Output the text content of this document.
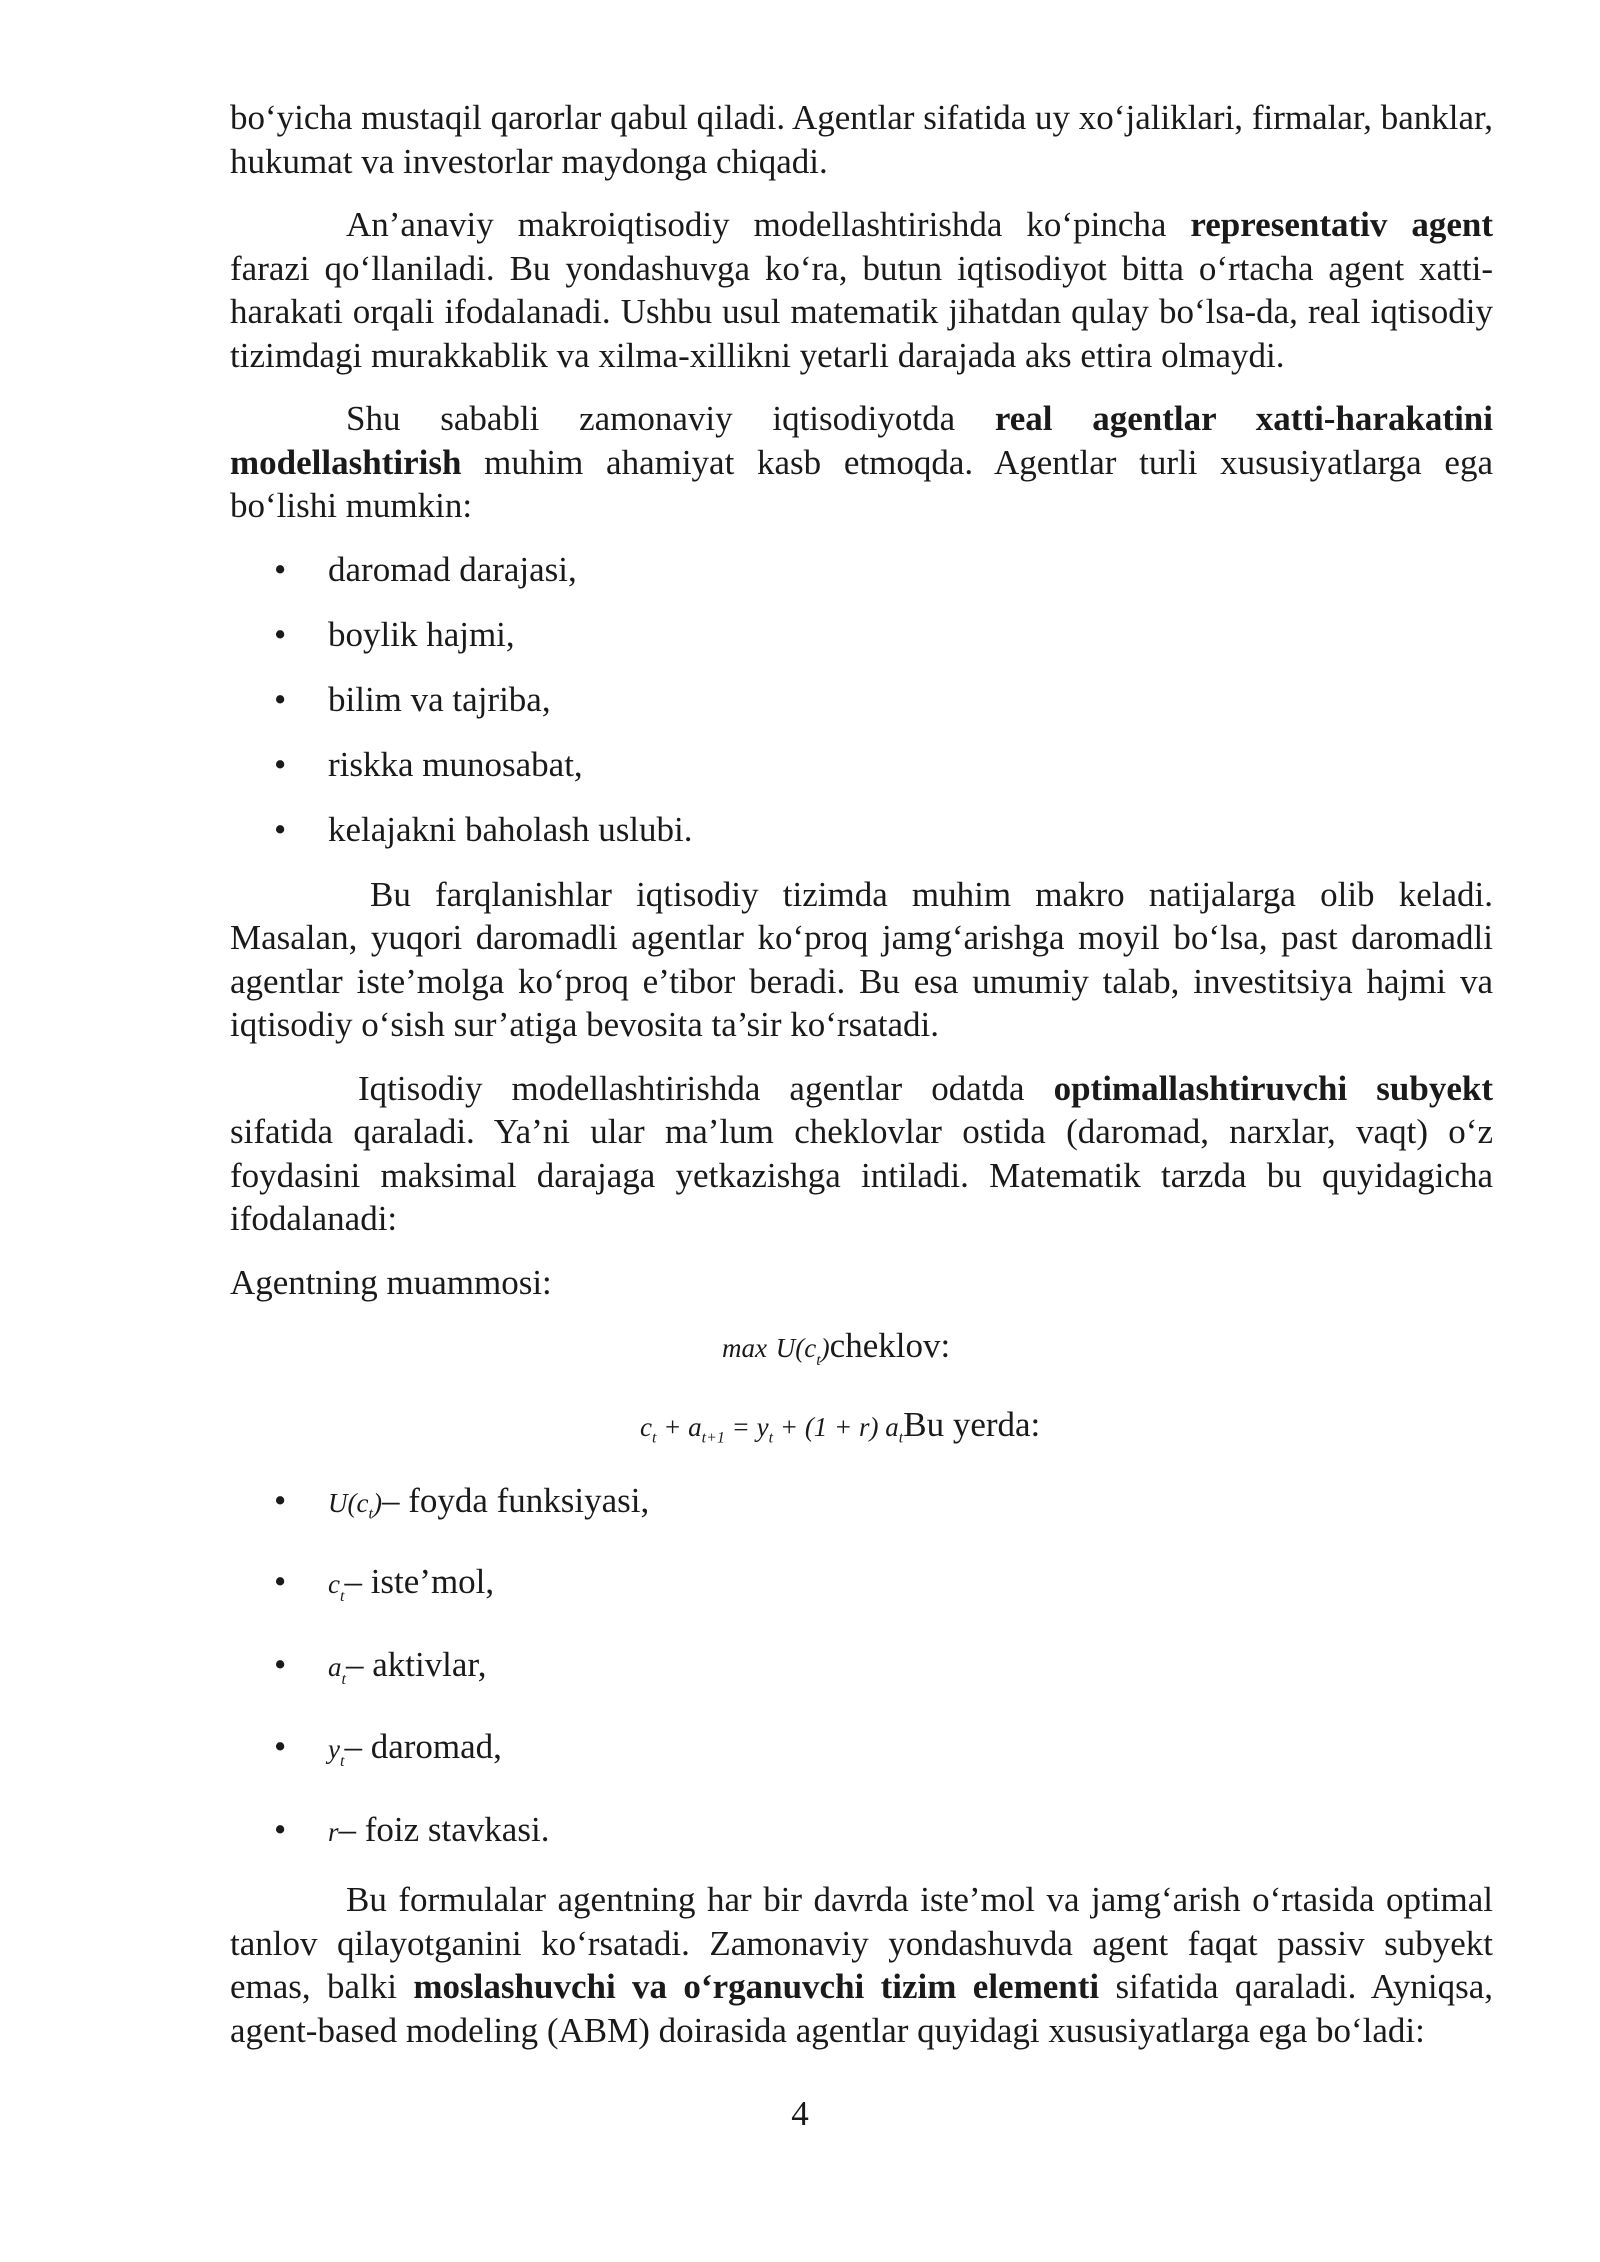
bo‘yicha mustaqil qarorlar qabul qiladi. Agentlar sifatida uy xo‘jaliklari, firmalar, banklar, hukumat va investorlar maydonga chiqadi.

An’anaviy makroiqtisodiy modellashtirishda ko‘pincha representativ agent farazi qo‘llaniladi. Bu yondashuvga ko‘ra, butun iqtisodiyot bitta o‘rtacha agent xatti-harakati orqali ifodalanadi. Ushbu usul matematik jihatdan qulay bo‘lsa-da, real iqtisodiy tizimdagi murakkablik va xilma-xillikni yetarli darajada aks ettira olmaydi.

Shu sababli zamonaviy iqtisodiyotda real agentlar xatti-harakatini modellashtirish muhim ahamiyat kasb etmoqda. Agentlar turli xususiyatlarga ega bo‘lishi mumkin:

• daromad darajasi,
• boylik hajmi,
• bilim va tajriba,
• riskka munosabat,
• kelajakni baholash uslubi.

Bu farqlanishlar iqtisodiy tizimda muhim makro natijalarga olib keladi. Masalan, yuqori daromadli agentlar ko‘proq jamg‘arishga moyil bo‘lsa, past daromadli agentlar iste’molga ko‘proq e’tibor beradi. Bu esa umumiy talab, investitsiya hajmi va iqtisodiy o‘sish sur’atiga bevosita ta’sir ko‘rsatadi.

Iqtisodiy modellashtirishda agentlar odatda optimallashtiruvchi subyekt sifatida qaraladi. Ya’ni ular ma’lum cheklovlar ostida (daromad, narxlar, vaqt) o‘z foydasini maksimal darajaga yetkazishga intiladi. Matematik tarzda bu quyidagicha ifodalanadi:

Agentning muammosi:

$\max U(c_t)cheklov$:
$c_t + a_{t+1} = y_t + (1 + r)$ $a_tBu$ yerda:
• $U(c_t)-$ foyda funksiyasi,
• $c_t-$ iste’mol,
• $a_t-$ aktivlar,
• $y_t-$ daromad,
• r– foiz stavkasi.

Bu formulalar agentning har bir davrda iste’mol va jamg‘arish o‘rtasida optimal tanlov qilayotganini ko‘rsatadi. Zamonaviy yondashuvda agent faqat passiv subyekt emas, balki moslashuvchi va o‘rganuvchi tizim elementi sifatida qaraladi. Ayniqsa, agent-based modeling (ABM) doirasida agentlar quyidagi xususiyatlarga ega bo‘ladi:

4
